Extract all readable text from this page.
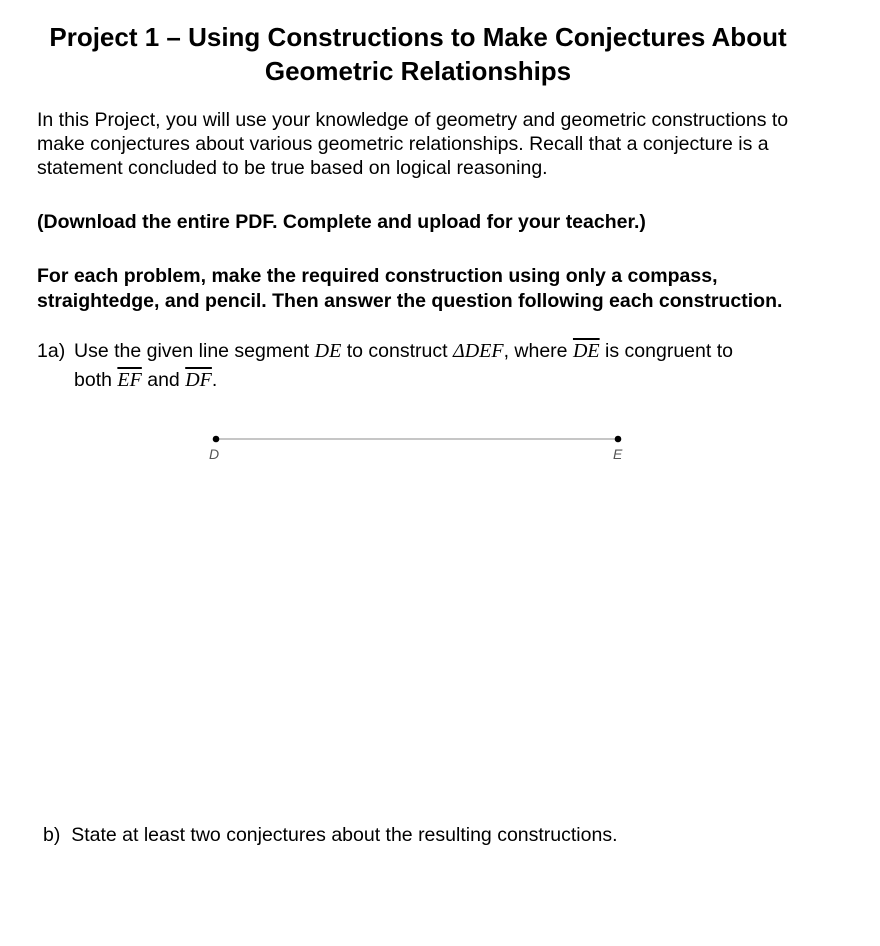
Project 1 – Using Constructions to Make Conjectures About
Geometric Relationships
In this Project, you will use your knowledge of geometry and geometric constructions to make conjectures about various geometric relationships. Recall that a conjecture is a statement concluded to be true based on logical reasoning.
(Download the entire PDF. Complete and upload for your teacher.)
For each problem, make the required construction using only a compass,
straightedge, and pencil. Then answer the question following each construction.
1a) Use the given line segment DE to construct ΔDEF, where $\overline{DE}$ is congruent to
both $\overline{EF}$ and $\overline{DF}$.
D	E
b) State at least two conjectures about the resulting constructions.
